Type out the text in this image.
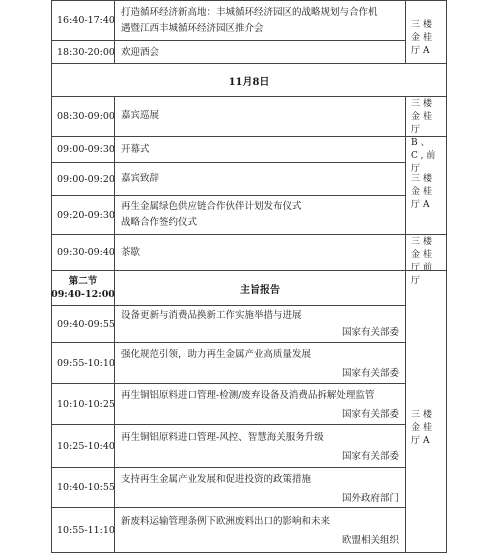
16:40-17:40
打造循环经济新高地：丰城循环经济园区的战略规划与合作机
遇暨江西丰城循环经济园区推介会
18:30-20:00 欢迎酒会
三楼金桂厅A
11月8日
08:30-09:00 嘉宾巡展
三楼金桂厅B、C,前厅
09:00-09:30 开幕式
09:00-09:20 嘉宾致辞
09:20-09:30
再生金属绿色供应链合作伙伴计划发布仪式
战略合作签约仪式
三楼金桂厅A
09:30-09:40 茶歇
三楼金桂厅前厅
第二节
09:40-12:00	主旨报告
09:40-09:55
设备更新与消费品换新工作实施举措与进展
国家有关部委
09:55-10:10
强化规范引领，助力再生金属产业高质量发展
国家有关部委
10:10-10:25
再生铜铝原料进口管理-检测/废弃设备及消费品拆解处理监管
国家有关部委
10:25-10:40
再生铜铝原料进口管理-风控、智慧海关服务升级
国家有关部委
10:40-10:55
支持再生金属产业发展和促进投资的政策措施
国外政府部门
10:55-11:10
新废料运输管理条例下欧洲废料出口的影响和未来
欧盟相关组织
三楼金桂厅A
